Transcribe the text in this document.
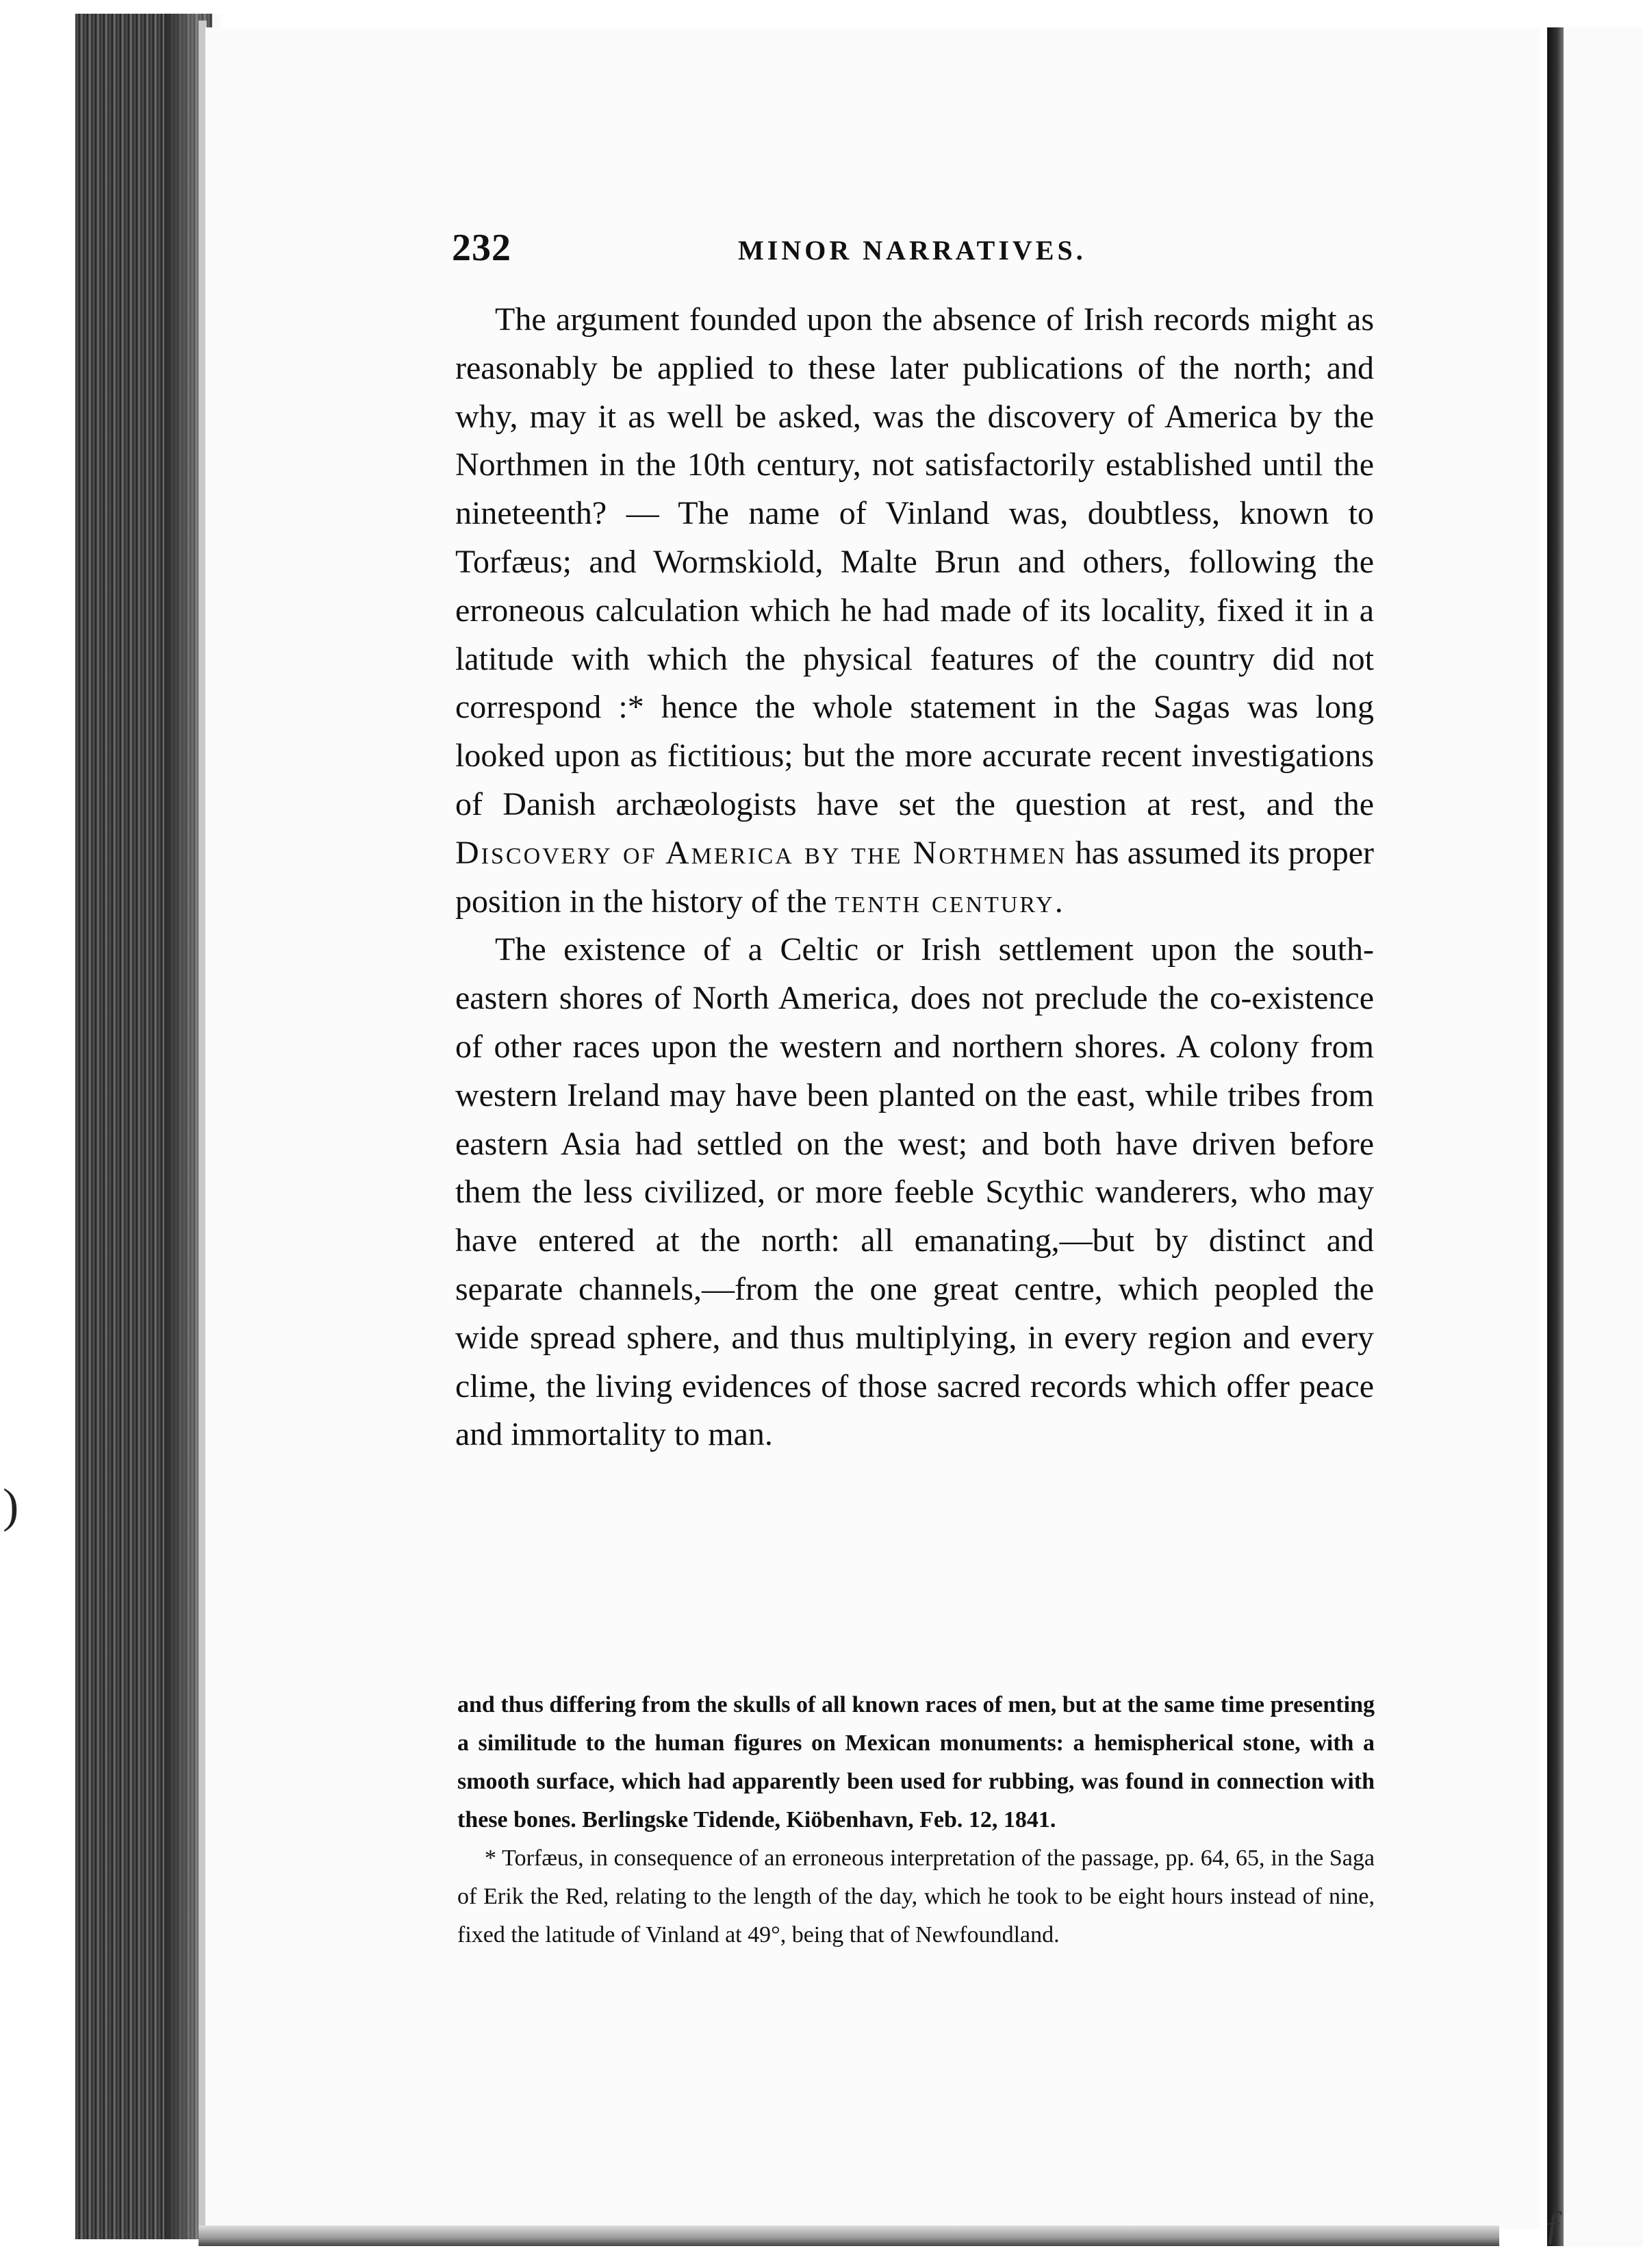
)
ƒ
232	MINOR NARRATIVES.

The argument founded upon the absence of Irish records might as reasonably be applied to these later publications of the north; and why, may it as well be asked, was the discovery of America by the Northmen in the 10th century, not satisfactorily established until the nineteenth? — The name of Vinland was, doubtless, known to Torfæus; and Wormskiold, Malte Brun and others, following the erroneous calculation which he had made of its locality, fixed it in a latitude with which the physical features of the country did not correspond :* hence the whole statement in the Sagas was long looked upon as fictitious; but the more accurate recent investigations of Danish archæologists have set the question at rest, and the Discovery of America by the Northmen has assumed its proper position in the history of the tenth century.

The existence of a Celtic or Irish settlement upon the south-eastern shores of North America, does not preclude the co-existence of other races upon the western and northern shores. A colony from western Ireland may have been planted on the east, while tribes from eastern Asia had settled on the west; and both have driven before them the less civilized, or more feeble Scythic wanderers, who may have entered at the north: all emanating,—but by distinct and separate channels,—from the one great centre, which peopled the wide spread sphere, and thus multiplying, in every region and every clime, the living evidences of those sacred records which offer peace and immortality to man.

and thus differing from the skulls of all known races of men, but at the same time presenting a similitude to the human figures on Mexican monuments: a hemispherical stone, with a smooth surface, which had apparently been used for rubbing, was found in connection with these bones. Berlingske Tidende, Kiöbenhavn, Feb. 12, 1841.

* Torfæus, in consequence of an erroneous interpretation of the passage, pp. 64, 65, in the Saga of Erik the Red, relating to the length of the day, which he took to be eight hours instead of nine, fixed the latitude of Vinland at 49°, being that of Newfoundland.
